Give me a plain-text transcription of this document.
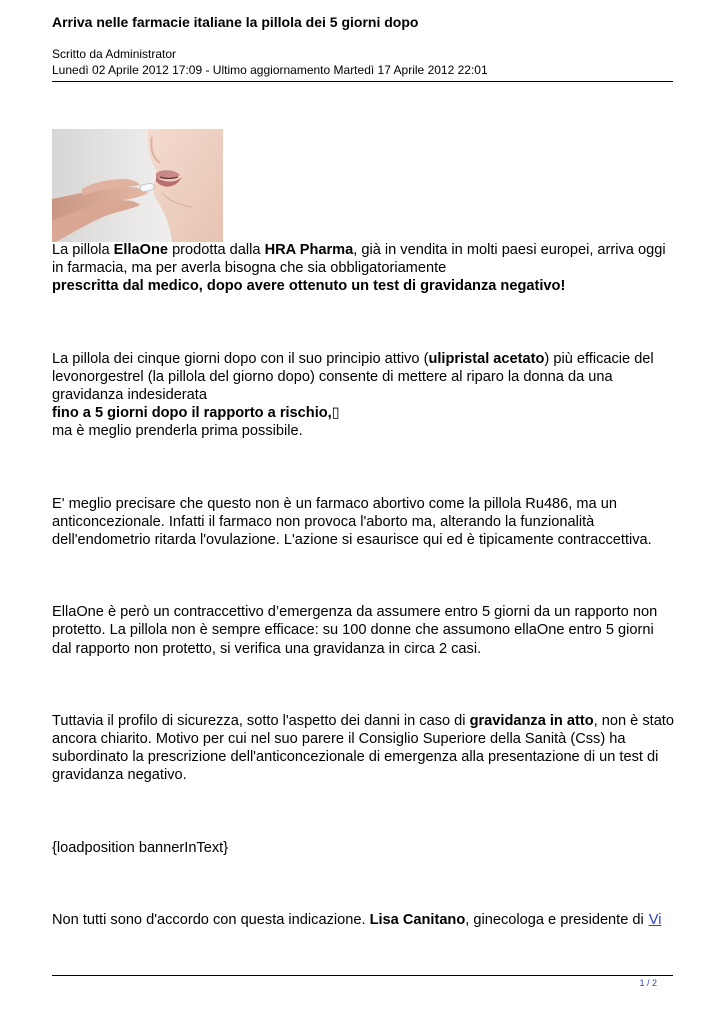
Arriva nelle farmacie italiane la pillola dei 5 giorni dopo
Scritto da Administrator
Lunedì 02 Aprile 2012 17:09 - Ultimo aggiornamento Martedì 17 Aprile 2012 22:01

La pillola EllaOne prodotta dalla HRA Pharma, già in vendita in molti paesi europei, arriva oggi in farmacia, ma per averla bisogna che sia obbligatoriamente
prescritta dal medico, dopo avere ottenuto un test di gravidanza negativo!

La pillola dei cinque giorni dopo con il suo principio attivo (ulipristal acetato) più efficacie del levonorgestrel (la pillola del giorno dopo) consente di mettere al riparo la donna da una gravidanza indesiderata
fino a 5 giorni dopo il rapporto a rischio,▯
ma è meglio prenderla prima possibile.

E' meglio precisare che questo non è un farmaco abortivo come la pillola Ru486, ma un anticoncezionale. Infatti il farmaco non provoca l'aborto ma, alterando la funzionalità dell'endometrio ritarda l'ovulazione. L'azione si esaurisce qui ed è tipicamente contraccettiva.

EllaOne è però un contraccettivo d’emergenza da assumere entro 5 giorni da un rapporto non protetto. La pillola non è sempre efficace: su 100 donne che assumono ellaOne entro 5 giorni dal rapporto non protetto, si verifica una gravidanza in circa 2 casi.

Tuttavia il profilo di sicurezza, sotto l'aspetto dei danni in caso di gravidanza in atto, non è stato ancora chiarito. Motivo per cui nel suo parere il Consiglio Superiore della Sanità (Css) ha subordinato la prescrizione dell'anticoncezionale di emergenza alla presentazione di un test di gravidanza negativo.

{loadposition bannerInText}

Non tutti sono d'accordo con questa indicazione. Lisa Canitano, ginecologa e presidente di Vi

1 / 2
